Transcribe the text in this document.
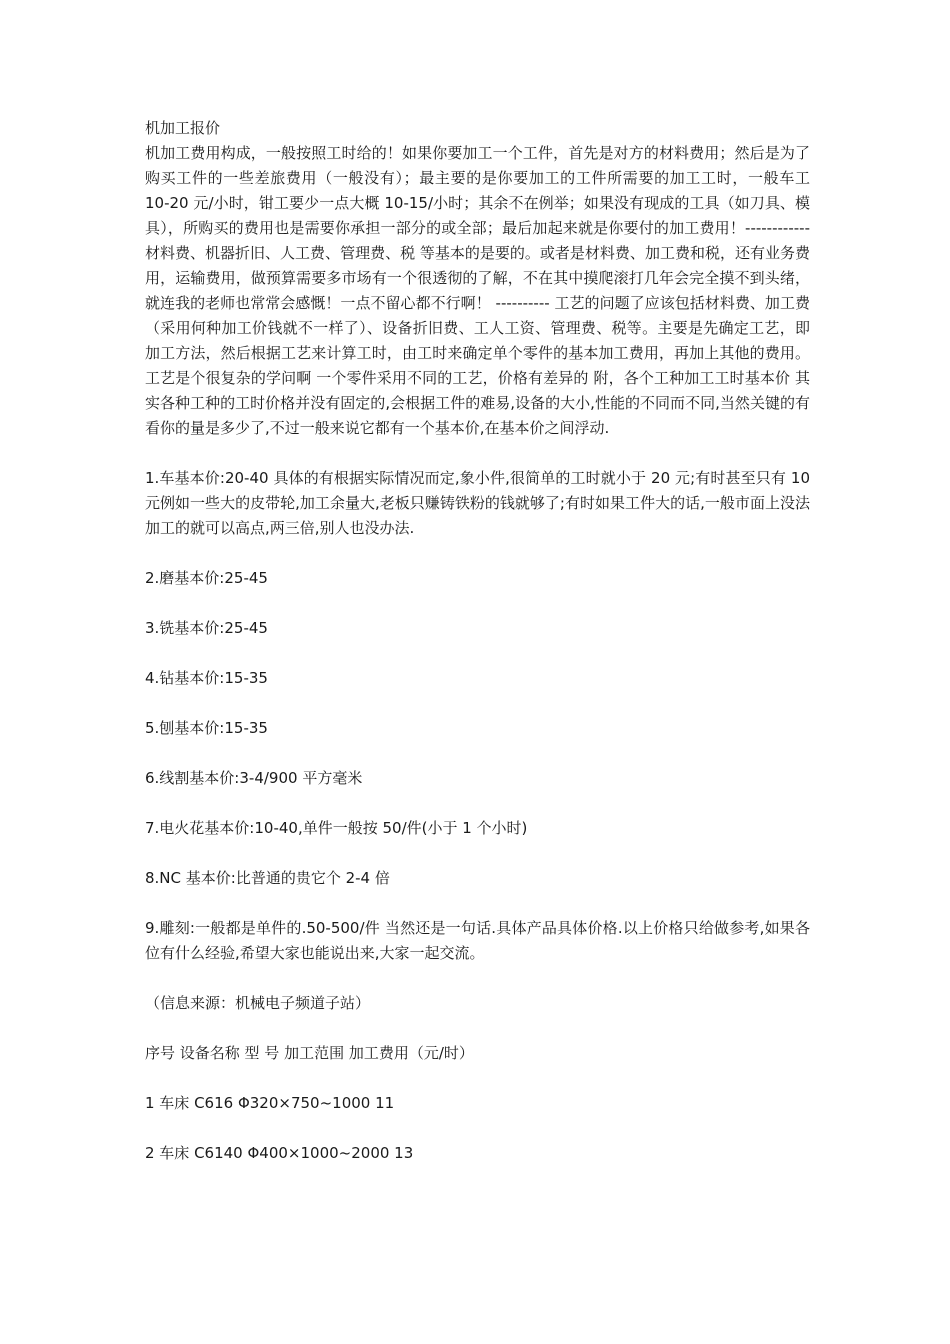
机加工报价

机加工费用构成，一般按照工时给的！如果你要加工一个工件，首先是对方的材料费用；然后是为了购买工件的一些差旅费用（一般没有）；最主要的是你要加工的工件所需要的加工工时，一般车工 10-20 元/小时，钳工要少一点大概 10-15/小时；其余不在例举；如果没有现成的工具（如刀具、模具），所购买的费用也是需要你承担一部分的或全部；最后加起来就是你要付的加工费用！------------ 材料费、机器折旧、人工费、管理费、税 等基本的是要的。或者是材料费、加工费和税，还有业务费用，运输费用，做预算需要多市场有一个很透彻的了解，不在其中摸爬滚打几年会完全摸不到头绪，就连我的老师也常常会感慨！一点不留心都不行啊！ ---------- 工艺的问题了应该包括材料费、加工费（采用何种加工价钱就不一样了）、设备折旧费、工人工资、管理费、税等。主要是先确定工艺，即加工方法，然后根据工艺来计算工时，由工时来确定单个零件的基本加工费用，再加上其他的费用。工艺是个很复杂的学问啊 一个零件采用不同的工艺，价格有差异的 附，各个工种加工工时基本价 其实各种工种的工时价格并没有固定的,会根据工件的难易,设备的大小,性能的不同而不同,当然关键的有看你的量是多少了,不过一般来说它都有一个基本价,在基本价之间浮动.

1.车基本价:20-40 具体的有根据实际情况而定,象小件,很简单的工时就小于 20 元;有时甚至只有 10 元例如一些大的皮带轮,加工余量大,老板只赚铸铁粉的钱就够了;有时如果工件大的话,一般市面上没法加工的就可以高点,两三倍,别人也没办法.

2.磨基本价:25-45

3.铣基本价:25-45

4.钻基本价:15-35

5.刨基本价:15-35

6.线割基本价:3-4/900 平方毫米

7.电火花基本价:10-40,单件一般按 50/件(小于 1 个小时)

8.NC 基本价:比普通的贵它个 2-4 倍

9.雕刻:一般都是单件的.50-500/件 当然还是一句话.具体产品具体价格.以上价格只给做参考,如果各位有什么经验,希望大家也能说出来,大家一起交流。

（信息来源：机械电子频道子站）

序号 设备名称 型 号 加工范围 加工费用（元/时）

1 车床 C616 Φ320×750~1000 11

2 车床 C6140 Φ400×1000~2000 13
